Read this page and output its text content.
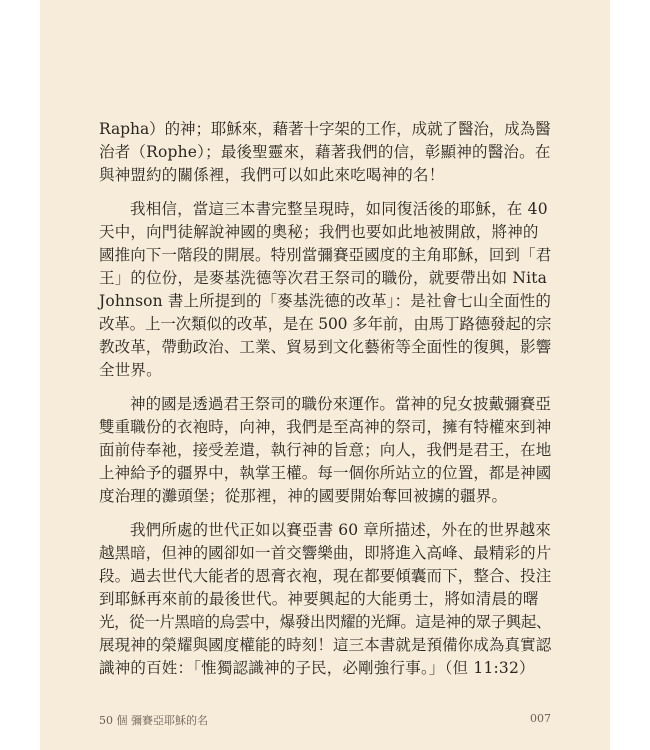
Rapha）的神；耶穌來，藉著十字架的工作，成就了醫治，成為醫
治者（Rophe）；最後聖靈來，藉著我們的信，彰顯神的醫治。在
與神盟約的關係裡，我們可以如此來吃喝神的名！
我相信，當這三本書完整呈現時，如同復活後的耶穌，在 40
天中，向門徒解說神國的奧秘；我們也要如此地被開啟，將神的
國推向下一階段的開展。特別當彌賽亞國度的主角耶穌，回到「君
王」的位份，是麥基洗德等次君王祭司的職份，就要帶出如 Nita
Johnson 書上所提到的「麥基洗德的改革」：是社會七山全面性的
改革。上一次類似的改革，是在 500 多年前，由馬丁路德發起的宗
教改革，帶動政治、工業、貿易到文化藝術等全面性的復興，影響
全世界。
神的國是透過君王祭司的職份來運作。當神的兒女披戴彌賽亞
雙重職份的衣袍時，向神，我們是至高神的祭司，擁有特權來到神
面前侍奉祂，接受差遣，執行神的旨意；向人，我們是君王，在地
上神給予的疆界中，執掌王權。每一個你所站立的位置，都是神國
度治理的灘頭堡；從那裡，神的國要開始奪回被擄的疆界。
我們所處的世代正如以賽亞書 60 章所描述，外在的世界越來
越黑暗，但神的國卻如一首交響樂曲，即將進入高峰、最精彩的片
段。過去世代大能者的恩膏衣袍，現在都要傾囊而下，整合、投注
到耶穌再來前的最後世代。神要興起的大能勇士，將如清晨的曙
光，從一片黑暗的烏雲中，爆發出閃耀的光輝。這是神的眾子興起、
展現神的榮耀與國度權能的時刻！這三本書就是預備你成為真實認
識神的百姓：「惟獨認識神的子民，必剛強行事。」（但 11:32）
50 個 彌賽亞耶穌的名	007
